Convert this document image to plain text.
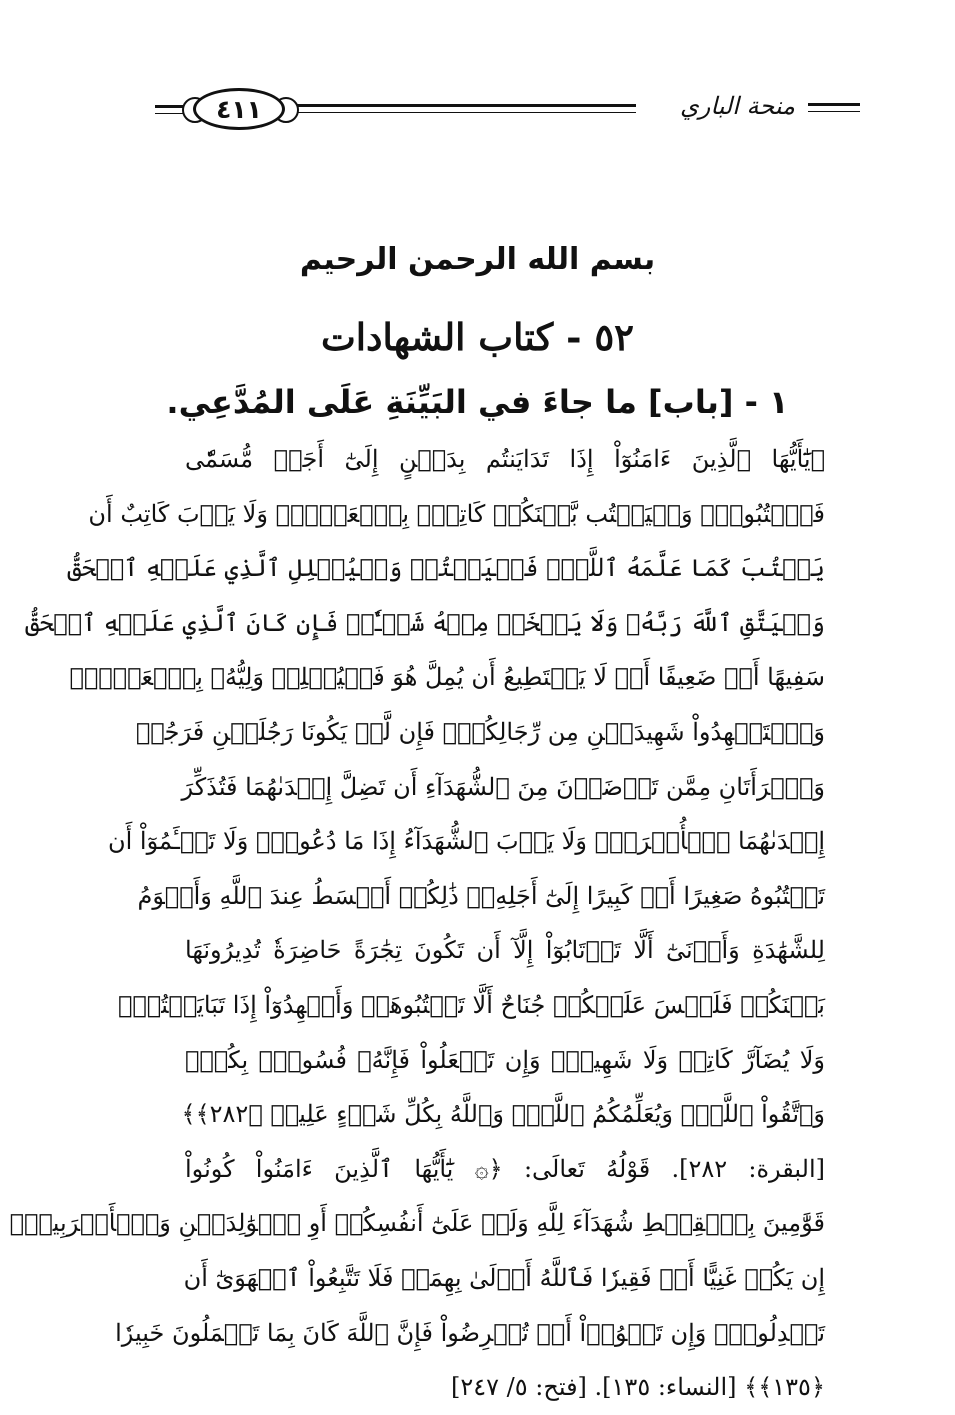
٤١١	منحة الباري
بسم الله الرحمن الرحيم
٥٢ - كتاب الشهادات
١ - [باب] ما جاءَ في البَيِّنَةِ عَلَى المُدَّعِي.
﴿يَٰٓأَيُّهَا ٱلَّذِينَ ءَامَنُوٓاْ إِذَا تَدَايَنتُم بِدَيۡنٍ إِلَىٰٓ أَجَلٖ مُّسَمّٗى
فَٱكۡتُبُوهُۚ وَلۡيَكۡتُب بَّيۡنَكُمۡ كَاتِبُۢ بِٱلۡعَدۡلِۚ وَلَا يَأۡبَ كَاتِبٌ أَن
يَكۡتُبَ كَمَا عَلَّمَهُ ٱللَّهُۚ فَلۡيَكۡتُبۡ وَلۡيُمۡلِلِ ٱلَّذِي عَلَيۡهِ ٱلۡحَقُّ
وَلۡيَتَّقِ ٱللَّهَ رَبَّهُۥ وَلَا يَبۡخَسۡ مِنۡهُ شَيۡـٔٗاۚ فَإِن كَانَ ٱلَّذِي عَلَيۡهِ ٱلۡحَقُّ
سَفِيهًا أَوۡ ضَعِيفًا أَوۡ لَا يَسۡتَطِيعُ أَن يُمِلَّ هُوَ فَلۡيُمۡلِلۡ وَلِيُّهُۥ بِٱلۡعَدۡلِۚ
وَٱسۡتَشۡهِدُواْ شَهِيدَيۡنِ مِن رِّجَالِكُمۡۖ فَإِن لَّمۡ يَكُونَا رَجُلَيۡنِ فَرَجُلٞ
وَٱمۡرَأَتَانِ مِمَّن تَرۡضَوۡنَ مِنَ ٱلشُّهَدَآءِ أَن تَضِلَّ إِحۡدَىٰهُمَا فَتُذَكِّرَ
إِحۡدَىٰهُمَا ٱلۡأُخۡرَىٰۚ وَلَا يَأۡبَ ٱلشُّهَدَآءُ إِذَا مَا دُعُواْۚ وَلَا تَسۡـَٔمُوٓاْ أَن
تَكۡتُبُوهُ صَغِيرًا أَوۡ كَبِيرًا إِلَىٰٓ أَجَلِهِۦۚ ذَٰلِكُمۡ أَقۡسَطُ عِندَ ٱللَّهِ وَأَقۡوَمُ
لِلشَّهَٰدَةِ وَأَدۡنَىٰٓ أَلَّا تَرۡتَابُوٓاْ إِلَّآ أَن تَكُونَ تِجَٰرَةً حَاضِرَةٗ تُدِيرُونَهَا
بَيۡنَكُمۡ فَلَيۡسَ عَلَيۡكُمۡ جُنَاحٌ أَلَّا تَكۡتُبُوهَاۗ وَأَشۡهِدُوٓاْ إِذَا تَبَايَعۡتُمۡۚ
وَلَا يُضَآرَّ كَاتِبٞ وَلَا شَهِيدٞۚ وَإِن تَفۡعَلُواْ فَإِنَّهُۥ فُسُوقُۢ بِكُمۡۗ
وَٱتَّقُواْ ٱللَّهَۖ وَيُعَلِّمُكُمُ ٱللَّهُۗ وَٱللَّهُ بِكُلِّ شَيۡءٍ عَلِيمٞ ﴿٢٨٢﴾﴾
[البقرة: ٢٨٢]. قَوْلُهُ تَعالَى: ﴿۞ يَٰٓأَيُّهَا ٱلَّذِينَ ءَامَنُواْ كُونُواْ
قَوَّٰمِينَ بِٱلۡقِسۡطِ شُهَدَآءَ لِلَّهِ وَلَوۡ عَلَىٰٓ أَنفُسِكُمۡ أَوِ ٱلۡوَٰلِدَيۡنِ وَٱلۡأَقۡرَبِينَۚ
إِن يَكُنۡ غَنِيًّا أَوۡ فَقِيرٗا فَٱللَّهُ أَوۡلَىٰ بِهِمَاۖ فَلَا تَتَّبِعُواْ ٱلۡهَوَىٰٓ أَن
تَعۡدِلُواْۚ وَإِن تَلۡوُۥٓاْ أَوۡ تُعۡرِضُواْ فَإِنَّ ٱللَّهَ كَانَ بِمَا تَعۡمَلُونَ خَبِيرٗا
﴿١٣٥﴾﴾ [النساء: ١٣٥]. [فتح: ٥/ ٢٤٧]
